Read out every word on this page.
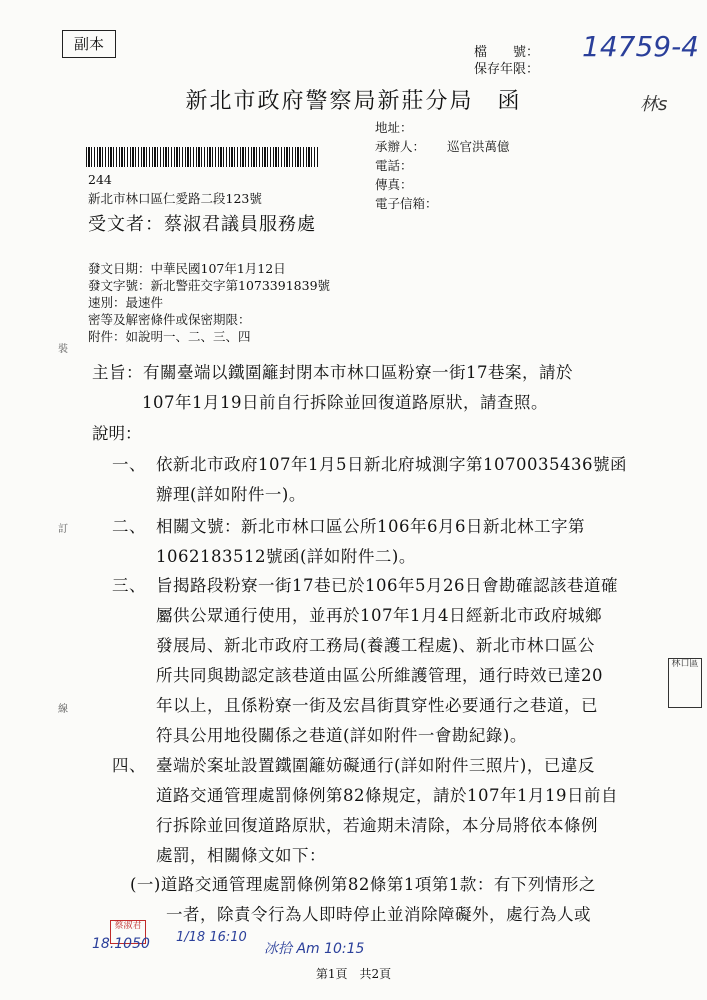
副本	檔　　號：
保存年限：
14759-4
林s
新北市政府警察局新莊分局　函
地址：
承辦人： 巡官洪萬億
電話：
傳真：
電子信箱：
244
新北市林口區仁愛路二段123號
受文者：蔡淑君議員服務處
發文日期：中華民國107年1月12日
發文字號：新北警莊交字第1073391839號
速別：最速件
密等及解密條件或保密期限：
附件：如說明一、二、三、四
主旨：有關臺端以鐵圍籬封閉本市林口區粉寮一街17巷案，請於
107年1月19日前自行拆除並回復道路原狀，請查照。
說明：
一、 依新北市政府107年1月5日新北府城測字第1070035436號函
辦理(詳如附件一)。
二、 相關文號：新北市林口區公所106年6月6日新北林工字第
1062183512號函(詳如附件二)。
三、 旨揭路段粉寮一街17巷已於106年5月26日會勘確認該巷道確
屬供公眾通行使用，並再於107年1月4日經新北市政府城鄉
發展局、新北市政府工務局(養護工程處)、新北市林口區公
所共同與勘認定該巷道由區公所維護管理，通行時效已達20
年以上，且係粉寮一街及宏昌街貫穿性必要通行之巷道，已
符具公用地役關係之巷道(詳如附件一會勘紀錄)。
四、 臺端於案址設置鐵圍籬妨礙通行(詳如附件三照片)，已違反
道路交通管理處罰條例第82條規定，請於107年1月19日前自
行拆除並回復道路原狀，若逾期未清除，本分局將依本條例
處罰，相關條文如下：
(一)道路交通管理處罰條例第82條第1項第1款：有下列情形之
一者，除責令行為人即時停止並消除障礙外，處行為人或
裝
訂
線
林口區
蔡淑君
18.1050 1/18 16:10
冰拾 Am 10:15
第1頁　共2頁
